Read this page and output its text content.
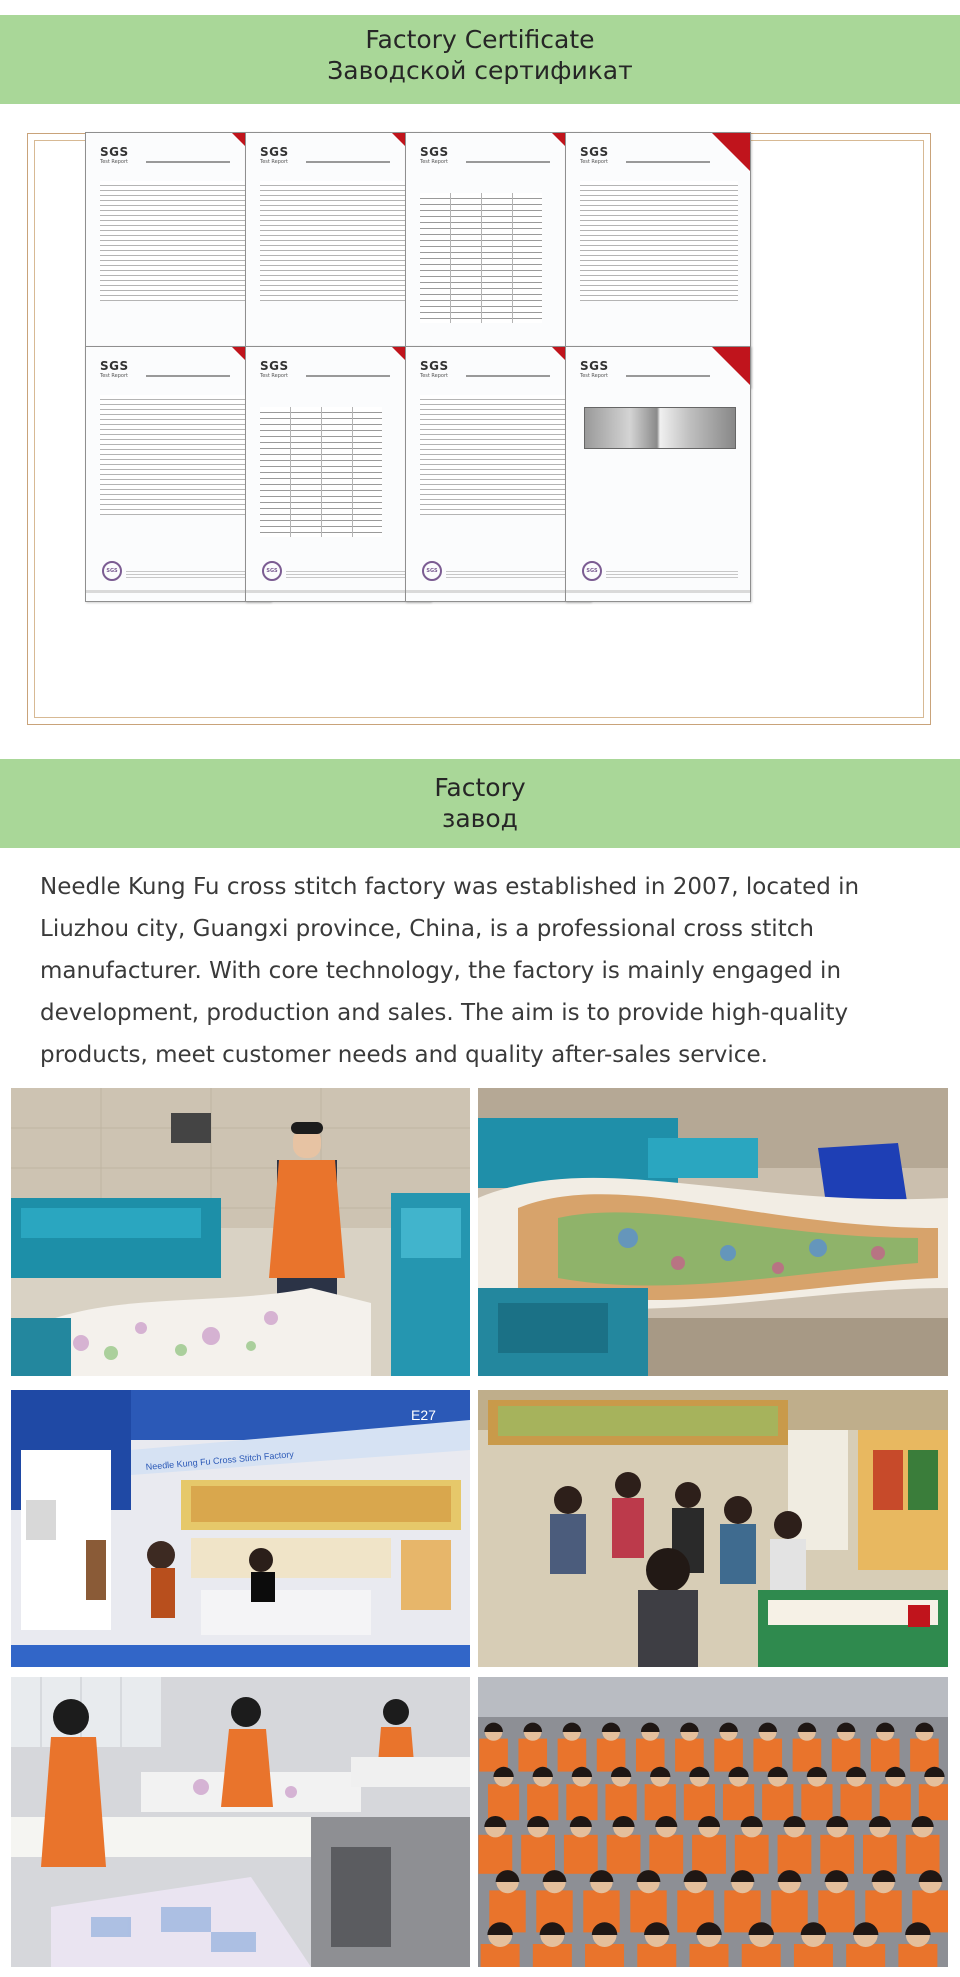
Factory Certificate
Заводской сертификат
SGS
Test Report
SGS
Test Report
SGS
Test Report
SGS
Test Report
SGS
Test Report
SGS
SGS
Test Report
SGS
SGS
Test Report
SGS
SGS
Test Report
SGS
Factory
завод

Needle Kung Fu cross stitch factory was established in 2007, located in Liuzhou city, Guangxi province, China, is a professional cross stitch manufacturer. With core technology, the factory is mainly engaged in development, production and sales. The aim is to provide high-quality products, meet customer needs and quality after-sales service.

E27
Needle Kung Fu Cross Stitch Factory
